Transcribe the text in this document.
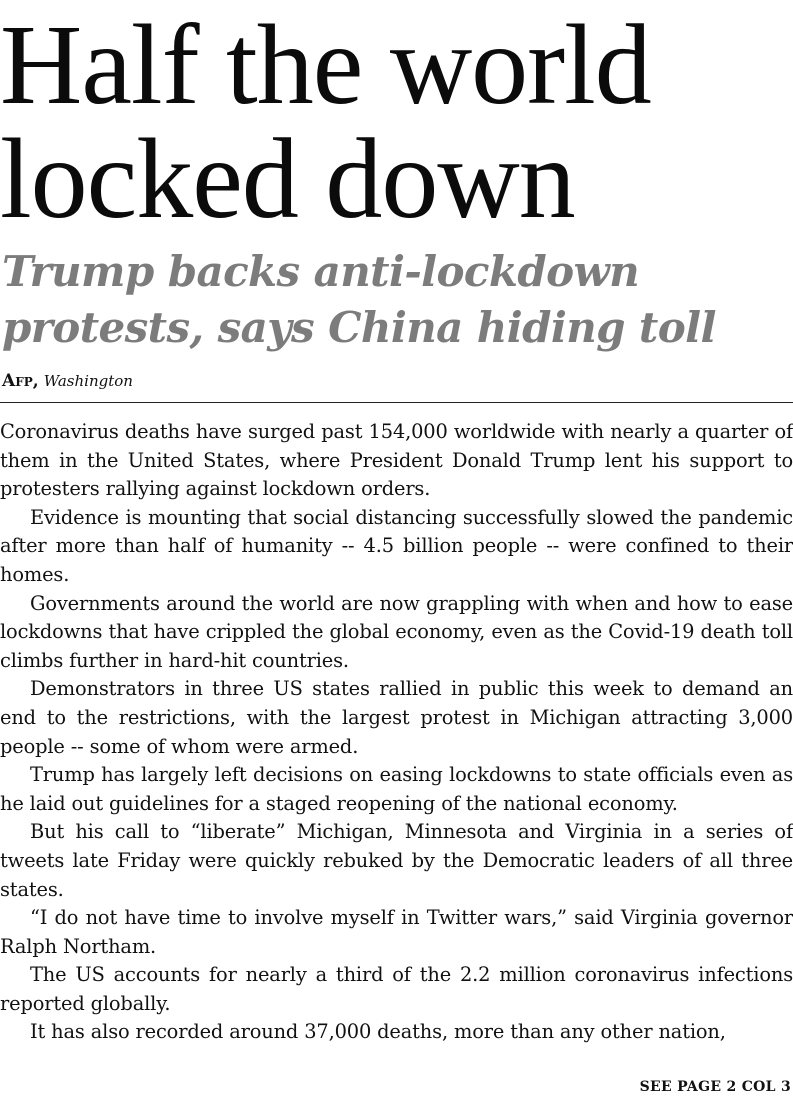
Half the world locked down
Trump backs anti-lockdown protests, says China hiding toll
Afp, Washington

Coronavirus deaths have surged past 154,000 worldwide with nearly a quarter of them in the United States, where President Donald Trump lent his support to protesters rallying against lockdown orders.

Evidence is mounting that social distancing successfully slowed the pandemic after more than half of humanity -- 4.5 billion people -- were confined to their homes.

Governments around the world are now grappling with when and how to ease lockdowns that have crippled the global economy, even as the Covid-19 death toll climbs further in hard-hit countries.

Demonstrators in three US states rallied in public this week to demand an end to the restrictions, with the largest protest in Michigan attracting 3,000 people -- some of whom were armed.

Trump has largely left decisions on easing lockdowns to state officials even as he laid out guidelines for a staged reopening of the national economy.

But his call to “liberate” Michigan, Minnesota and Virginia in a series of tweets late Friday were quickly rebuked by the Democratic leaders of all three states.

“I do not have time to involve myself in Twitter wars,” said Virginia governor Ralph Northam.

The US accounts for nearly a third of the 2.2 million coronavirus infections reported globally.

It has also recorded around 37,000 deaths, more than any other nation,

SEE PAGE 2 COL 3
